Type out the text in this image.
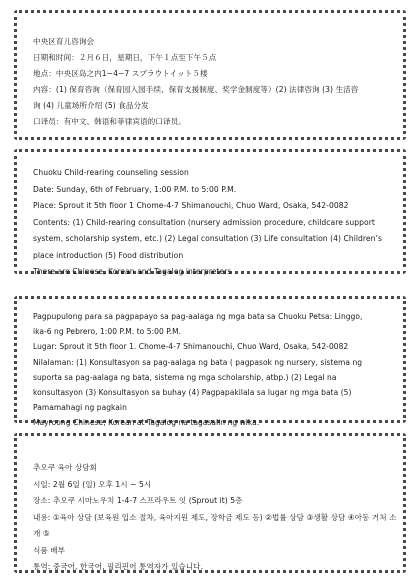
中央区育儿咨询会

日期和时间：２月６日，星期日，下午１点至下午５点

地点：中央区岛之内1−4−7 スプラウトイット５楼

内容：(1) 保育咨询（保育园入园手续、保育支援制度、奖学金制度等）(2) 法律咨询 (3) 生活咨

询 (4) 儿童场所介绍 (5) 食品分发

口译员：有中文、韩语和菲律宾语的口译员。

Chuoku Child-rearing counseling session

Date: Sunday, 6th of February, 1:00 P.M. to 5:00 P.M.

Place: Sprout it 5th floor 1 Chome-4-7 Shimanouchi, Chuo Ward, Osaka, 542-0082

Contents: (1) Child-rearing consultation (nursery admission procedure, childcare support

system, scholarship system, etc.) (2) Legal consultation (3) Life consultation (4) Children’s

place introduction (5) Food distribution

There are Chinese, Korean and Tagalog interpreters

Pagpupulong para sa pagpapayo sa pag-aalaga ng mga bata sa Chuoku Petsa: Linggo,

ika-6 ng Pebrero, 1:00 P.M. to 5:00 P.M.

Lugar: Sprout it 5th floor 1. Chome-4-7 Shimanouchi, Chuo Ward, Osaka, 542-0082

Nilalaman: (1) Konsultasyon sa pag-aalaga ng bata ( pagpasok ng nursery, sistema ng

suporta sa pag-aalaga ng bata, sistema ng mga scholarship, atbp.) (2) Legal na

konsultasyon (3) Konsultasyon sa buhay (4) Pagpapakilala sa lugar ng mga bata (5)

Pamamahagi ng pagkain

Mayroong Chinese, Korean at Tagalog na tagasalin ng wika.

추오쿠 육아 상담회

시일: 2월 6일 (일) 오후 1시 ~ 5시

장소: 추오쿠 시마노우치 1-4-7 스프라우트 잇 (Sprout it) 5층

내용: ①육아 상담 (보육원 입소 절차, 육아지원 제도, 장학금 제도 등) ②법률 상담 ③생활 상담 ④아동 거처 소개 ⑤

식품 배부

통역: 중국어, 한국어, 필리핀어 통역자가 있습니다.
